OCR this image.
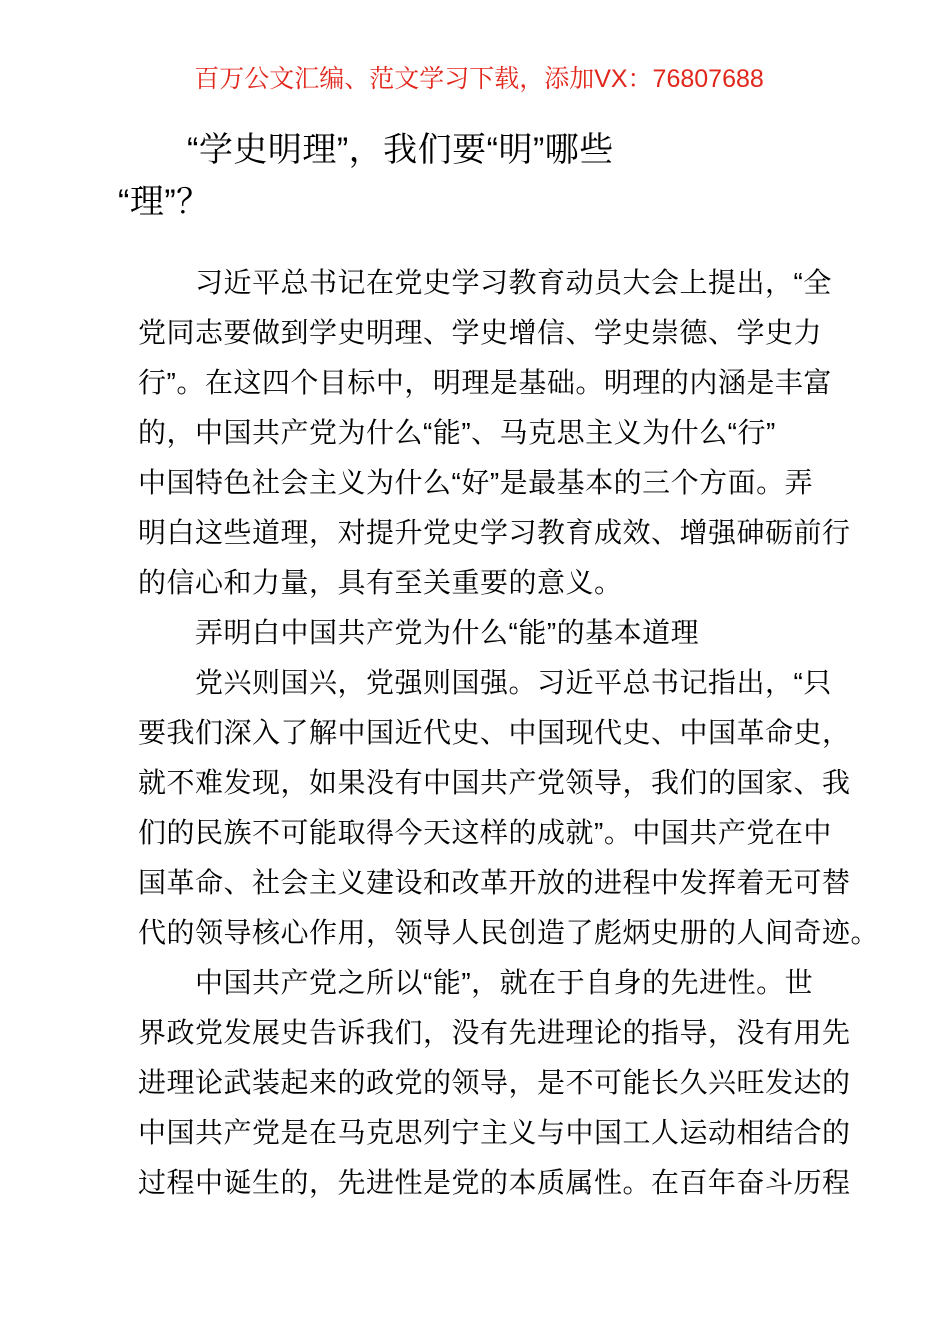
百万公文汇编、范文学习下载，添加VX：76807688
　　“学史明理”，我们要“明”哪些
“理”？
　　习近平总书记在党史学习教育动员大会上提出，“全
党同志要做到学史明理、学史增信、学史崇德、学史力
行”。在这四个目标中，明理是基础。明理的内涵是丰富
的，中国共产党为什么“能”、马克思主义为什么“行”
中国特色社会主义为什么“好”是最基本的三个方面。弄
明白这些道理，对提升党史学习教育成效、增强砷砺前行
的信心和力量，具有至关重要的意义。
　　弄明白中国共产党为什么“能”的基本道理
　　党兴则国兴，党强则国强。习近平总书记指出，“只
要我们深入了解中国近代史、中国现代史、中国革命史，
就不难发现，如果没有中国共产党领导，我们的国家、我
们的民族不可能取得今天这样的成就”。中国共产党在中
国革命、社会主义建设和改革开放的进程中发挥着无可替
代的领导核心作用，领导人民创造了彪炳史册的人间奇迹。
　　中国共产党之所以“能”，就在于自身的先进性。世
界政党发展史告诉我们，没有先进理论的指导，没有用先
进理论武装起来的政党的领导，是不可能长久兴旺发达的
中国共产党是在马克思列宁主义与中国工人运动相结合的
过程中诞生的，先进性是党的本质属性。在百年奋斗历程
